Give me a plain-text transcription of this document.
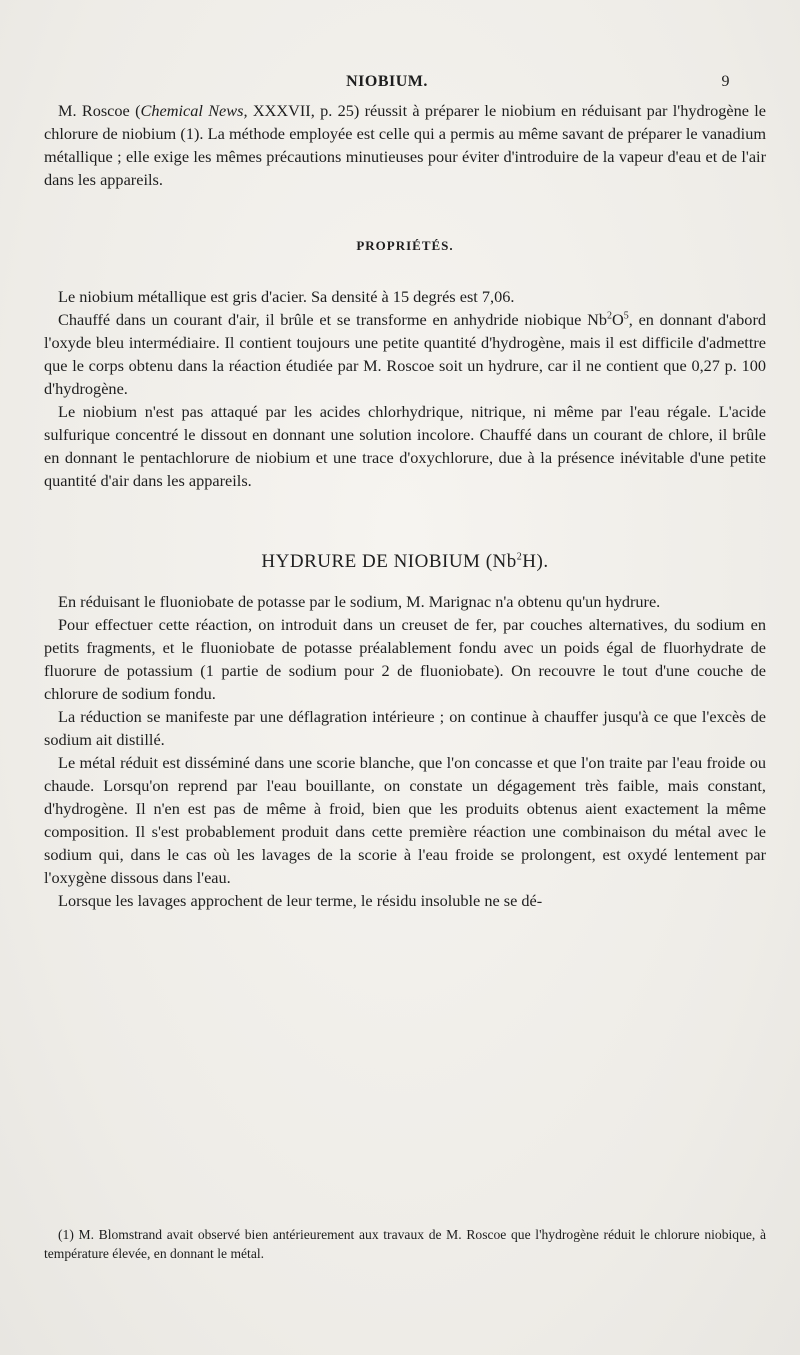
NIOBIUM.	9

M. Roscoe (Chemical News, XXXVII, p. 25) réussit à préparer le niobium en réduisant par l'hydrogène le chlorure de niobium (1). La méthode employée est celle qui a permis au même savant de préparer le vanadium métallique ; elle exige les mêmes précautions minutieuses pour éviter d'introduire de la vapeur d'eau et de l'air dans les appareils.

PROPRIÉTÉS.

Le niobium métallique est gris d'acier. Sa densité à 15 degrés est 7,06.

Chauffé dans un courant d'air, il brûle et se transforme en anhydride niobique $Nb^2O^5$, en donnant d'abord l'oxyde bleu intermédiaire. Il contient toujours une petite quantité d'hydrogène, mais il est difficile d'admettre que le corps obtenu dans la réaction étudiée par M. Roscoe soit un hydrure, car il ne contient que 0,27 p. 100 d'hydrogène.

Le niobium n'est pas attaqué par les acides chlorhydrique, nitrique, ni même par l'eau régale. L'acide sulfurique concentré le dissout en donnant une solution incolore. Chauffé dans un courant de chlore, il brûle en donnant le pentachlorure de niobium et une trace d'oxychlorure, due à la présence inévitable d'une petite quantité d'air dans les appareils.

HYDRURE DE NIOBIUM (Nb$^2$H).

En réduisant le fluoniobate de potasse par le sodium, M. Marignac n'a obtenu qu'un hydrure.

Pour effectuer cette réaction, on introduit dans un creuset de fer, par couches alternatives, du sodium en petits fragments, et le fluoniobate de potasse préalablement fondu avec un poids égal de fluorhydrate de fluorure de potassium (1 partie de sodium pour 2 de fluoniobate). On recouvre le tout d'une couche de chlorure de sodium fondu.

La réduction se manifeste par une déflagration intérieure ; on continue à chauffer jusqu'à ce que l'excès de sodium ait distillé.

Le métal réduit est disséminé dans une scorie blanche, que l'on concasse et que l'on traite par l'eau froide ou chaude. Lorsqu'on reprend par l'eau bouillante, on constate un dégagement très faible, mais constant, d'hydrogène. Il n'en est pas de même à froid, bien que les produits obtenus aient exactement la même composition. Il s'est probablement produit dans cette première réaction une combinaison du métal avec le sodium qui, dans le cas où les lavages de la scorie à l'eau froide se prolongent, est oxydé lentement par l'oxygène dissous dans l'eau.

Lorsque les lavages approchent de leur terme, le résidu insoluble ne se dé-

(1) M. Blomstrand avait observé bien antérieurement aux travaux de M. Roscoe que l'hydrogène réduit le chlorure niobique, à température élevée, en donnant le métal.
